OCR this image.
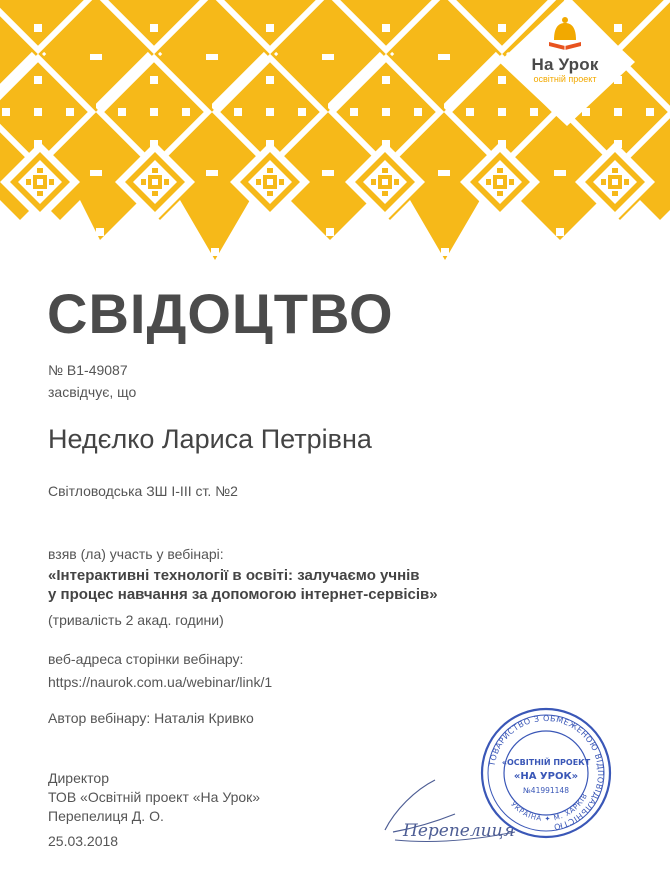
На Урок
освітній проект
СВІДОЦТВО

№ В1-49087

засвідчує, що

Недєлко Лариса Петрівна

Світловодська ЗШ І-ІІІ ст. №2

взяв (ла) участь у вебінарі:

«Інтерактивні технології в освіті: залучаємо учнів

у процес навчання за допомогою інтернет-сервісів»

(тривалість 2 акад. години)

веб-адреса сторінки вебінару:

https://naurok.com.ua/webinar/link/1

Автор вебінару: Наталія Кривко

Директор

ТОВ «Освітній проект «На Урок»

Перепелиця Д. О.

25.03.2018	Перепелиця
ТОВАРИСТВО З ОБМЕЖЕНОЮ ВІДПОВІДАЛЬНІСТЮ
УКРАЇНА ✦ М. ХАРКІВ
«ОСВІТНІЙ ПРОЕКТ
«НА УРОК»
№41991148
